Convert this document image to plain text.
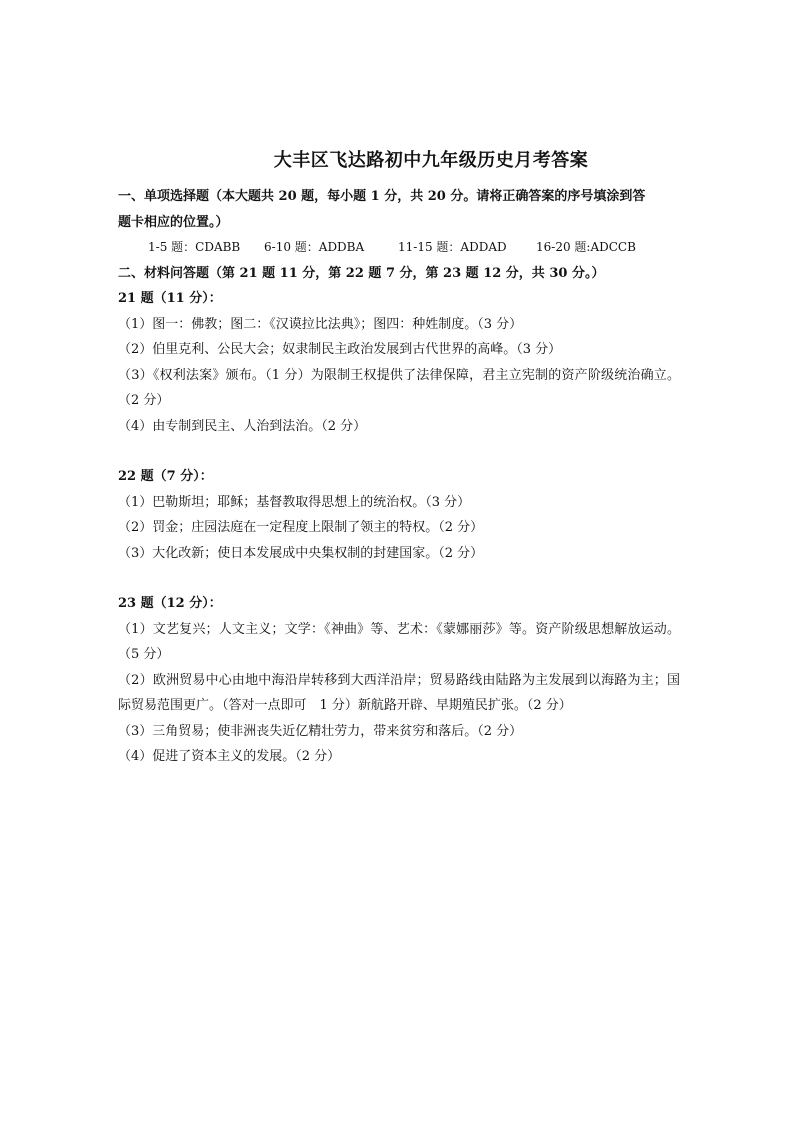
大丰区飞达路初中九年级历史月考答案
一、单项选择题（本大题共 20 题，每小题 1 分，共 20 分。请将正确答案的序号填涂到答
题卡相应的位置。）
1-5 题：CDABB 6-10 题：ADDBA	11-15 题：ADDAD 16-20 题:ADCCB
二、材料问答题（第 21 题 11 分，第 22 题 7 分，第 23 题 12 分，共 30 分。）
21 题（11 分）：
（1）图一：佛教；图二：《汉谟拉比法典》；图四：种姓制度。（3 分）
（2）伯里克利、公民大会；奴隶制民主政治发展到古代世界的高峰。（3 分）
（3）《权利法案》颁布。（1 分）为限制王权提供了法律保障，君主立宪制的资产阶级统治确立。（2 分）
（4）由专制到民主、人治到法治。（2 分）
22 题（7 分）：
（1）巴勒斯坦；耶稣；基督教取得思想上的统治权。（3 分）
（2）罚金；庄园法庭在一定程度上限制了领主的特权。（2 分）
（3）大化改新；使日本发展成中央集权制的封建国家。（2 分）
23 题（12 分）：
（1）文艺复兴；人文主义；文学：《神曲》等、艺术：《蒙娜丽莎》等。资产阶级思想解放运动。（5 分）
（2）欧洲贸易中心由地中海沿岸转移到大西洋沿岸；贸易路线由陆路为主发展到以海路为主；国际贸易范围更广。（答对一点即可　1 分）新航路开辟、早期殖民扩张。（2 分）
（3）三角贸易；使非洲丧失近亿精壮劳力，带来贫穷和落后。（2 分）
（4）促进了资本主义的发展。（2 分）
